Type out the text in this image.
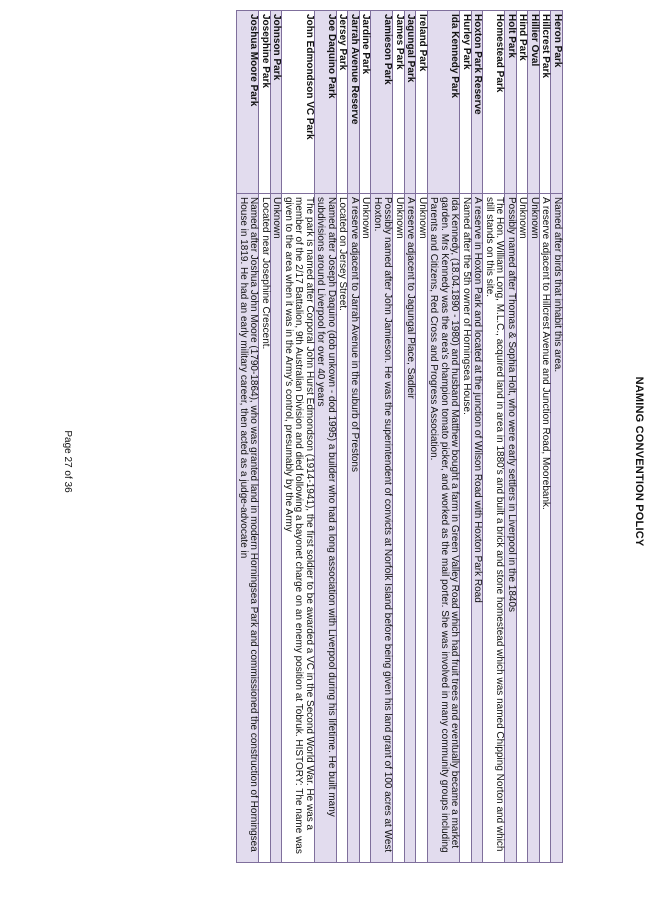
NAMING CONVENTION POLICY
Heron Park	Named after birds that inhabit this area.
Hillcrest Park	A reserve adjacent to Hillcrest Avenue and Junction Road, Moorebank.
Hillier Oval	Unknown
Hind Park	Unknown
Holt Park	Possibly named after Thomas & Sophia Holt, who were early settlers in Liverpool in the 1840s
Homestead Park	The Hon. William Long, M.L.C., acquired land in area in 1880's and built a brick and stone homestead which was named Chipping Norton and which still stands on this site.
Hoxton Park Reserve	A reserve in Hoxton Park and located at the junction of Wilson Road with Hoxton Park Road
Hurley Park	Named after the 5th owner of Horningsea House.
Ida Kennedy Park	Ida Kennedy, (18.04.1890 - 1980) and husband Matthew bought a farm in Green Valley Road which had fruit trees and eventually became a market garden. Mrs Kennedy was the area's champion tomato picker, and worked as the mail porter. She was involved in many community groups including Parents and Citizens, Red Cross and Progress Association.
Ireland Park	Unknown
Jagungal Park	A reserve adjacent to Jagungal Place, Sadleir
James Park	Unknown
Jamieson Park	Possibly named after John Jamieson. He was the superintendent of convicts at Norfolk Island before being given his land grant of 100 acres at West Hoxton.
Jardine Park	Unknown
Jarrah Avenue Reserve	A reserve adjacent to Jarrah Avenue in the suburb of Prestons
Jersey Park	Located on Jersey Street.
Joe Daquino Park	Named after Joseph Daquino (dob unkown - dod 1995) a builder who had a long association with Liverpool during his lifetime. He built many subdivisions around Liverpool for over 40 years
John Edmondson VC Park	The park is named after Corporal John Hurst Edmondson (1914-1941), the first soldier to be awarded a VC in the Second World War. He was a member of the 2/17 Battalion, 9th Australian Division and died following a bayonet charge on an enemy position at Tobruk. HISTORY: The name was given to the area when it was in the Army's control, presumably by the Army
Johnson Park	Unknown
Josephine Park	Located near Josephine Crescent.
Joshua Moore Park	Named after Joshua John Moore (1790-1864), who was granted land in modern Horningsea Park and commissioned the construction of Horningsea House in 1819. He had an early military career, then acted as a judge-advocate in
Page 27 of 36
